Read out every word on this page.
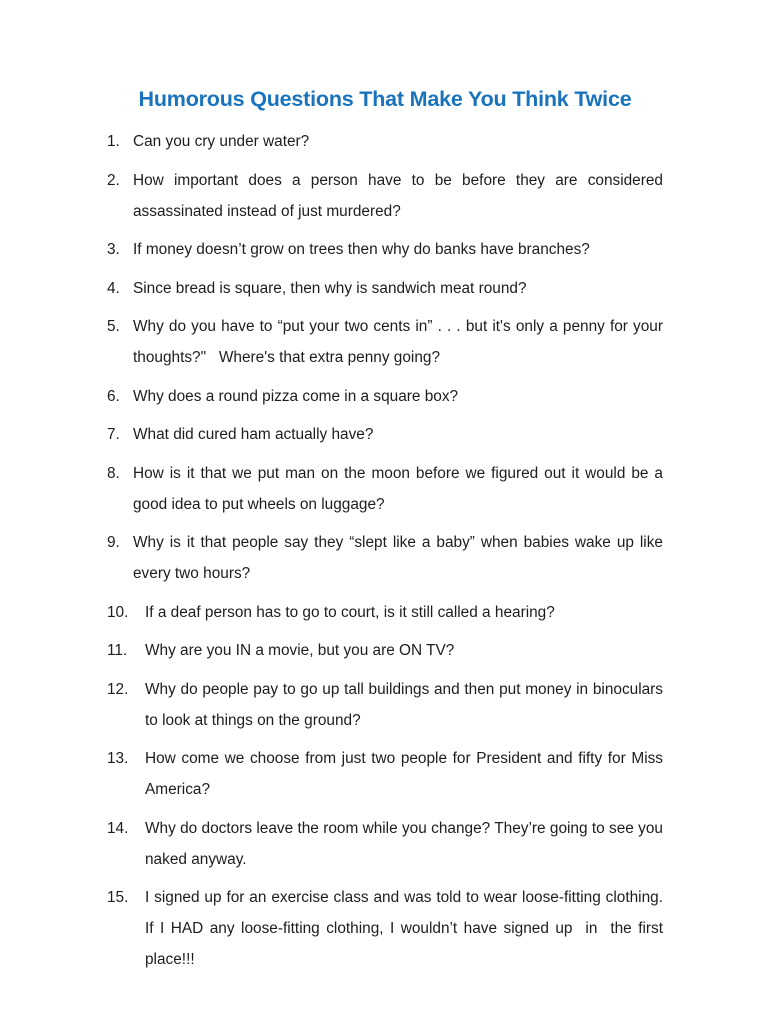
Humorous Questions That Make You Think Twice
1. Can you cry under water?
2. How important does a person have to be before they are considered assassinated instead of just murdered?
3. If money doesn’t grow on trees then why do banks have branches?
4. Since bread is square, then why is sandwich meat round?
5. Why do you have to “put your two cents in” . . . but it's only a penny for your thoughts?"   Where's that extra penny going?
6. Why does a round pizza come in a square box?
7. What did cured ham actually have?
8. How is it that we put man on the moon before we figured out it would be a good idea to put wheels on luggage?
9. Why is it that people say they “slept like a baby” when babies wake up like every two hours?
10. If a deaf person has to go to court, is it still called a hearing?
11. Why are you IN a movie, but you are ON TV?
12. Why do people pay to go up tall buildings and then put money in binoculars to look at things on the ground?
13. How come we choose from just two people for President and fifty for Miss America?
14. Why do doctors leave the room while you change? They’re going to see you  naked anyway.
15. I signed up for an exercise class and was told to wear loose-fitting clothing. If I HAD any loose-fitting clothing, I wouldn’t have signed up  in  the first place!!!
